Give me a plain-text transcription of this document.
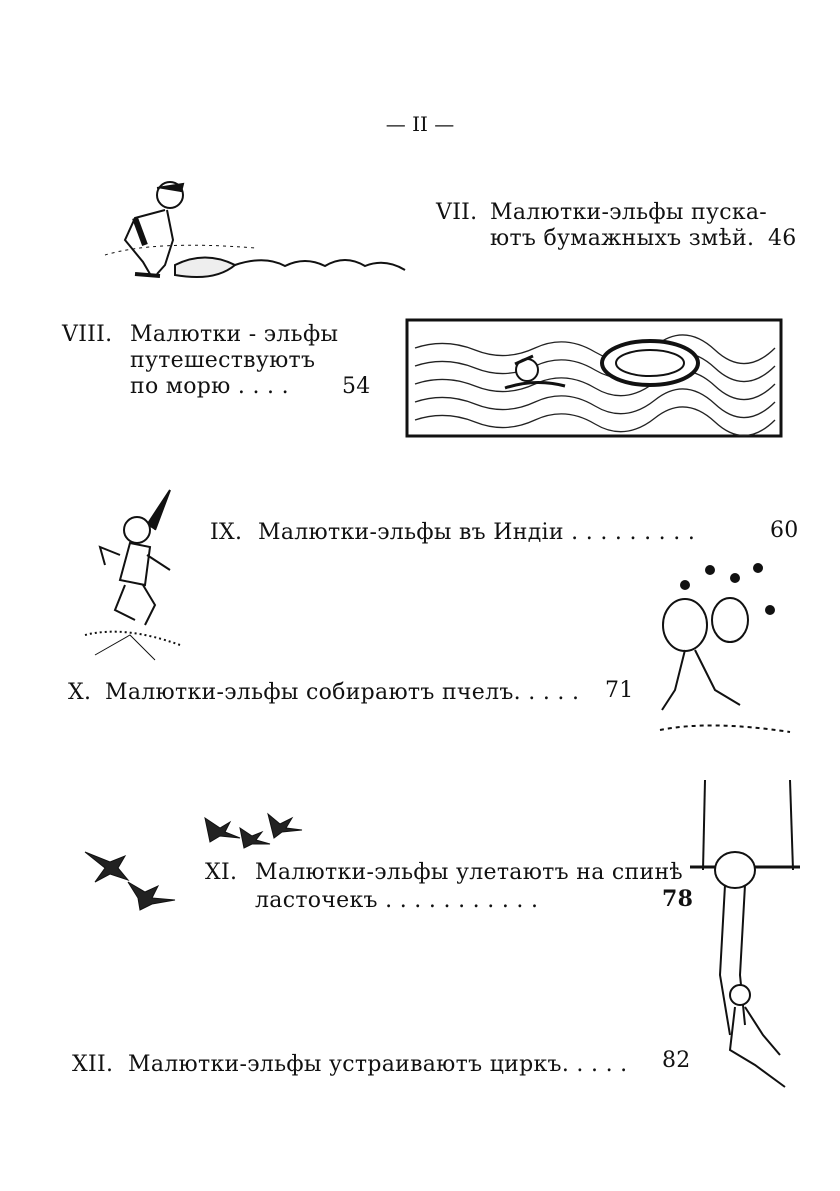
— II —
VII. Малютки-эльфы пуска-
ютъ бумажныхъ змѣй. 46
VIII. Малютки - эльфы
путешествуютъ
по морю . . . . 54
IX. Малютки-эльфы въ Индіи . . . . . . . . .	60
X. Малютки-эльфы собираютъ пчелъ. . . . . 71
XI. Малютки-эльфы улетаютъ на спинѣ
ласточекъ . . . . . . . . . . .	78
XII. Малютки-эльфы устраиваютъ циркъ. . . . . 82
